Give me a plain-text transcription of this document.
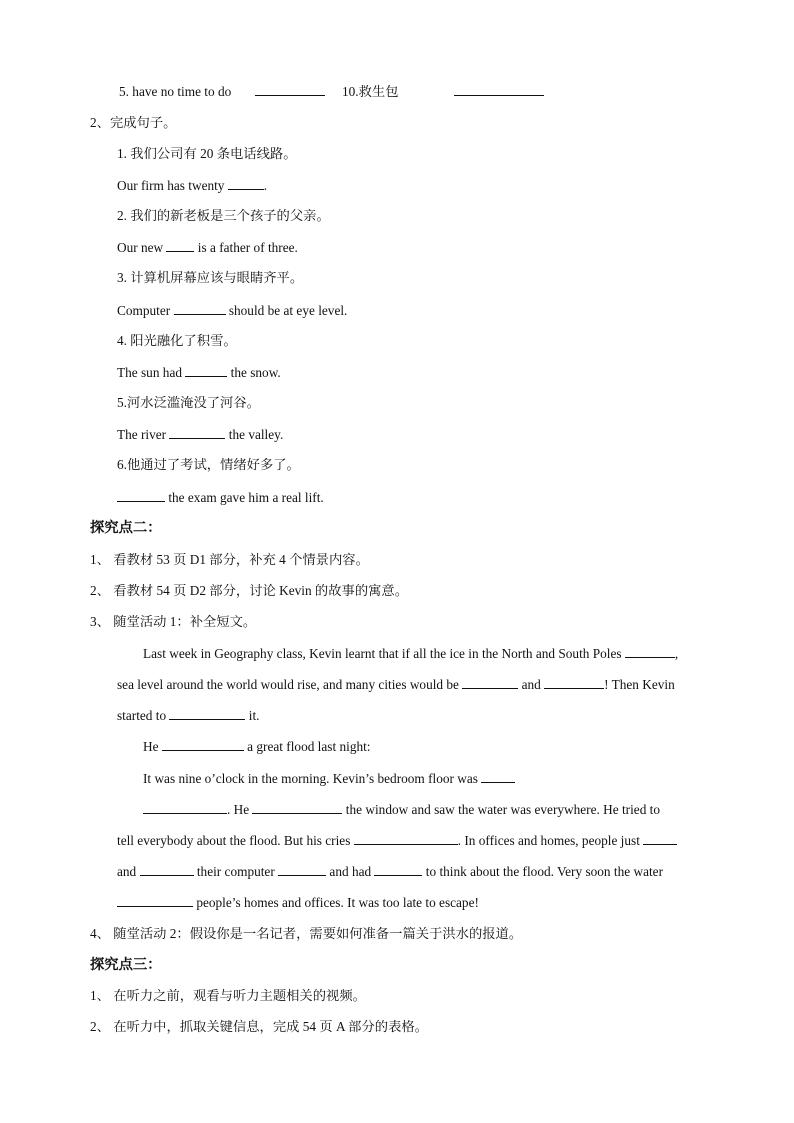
5. have no time to do	10.救生包
2、完成句子。
1. 我们公司有 20 条电话线路。
Our firm has twenty	.
2. 我们的新老板是三个孩子的父亲。
Our new  is a father of three.
3. 计算机屏幕应该与眼睛齐平。
Computer	should be at eye level.
4. 阳光融化了积雪。
The sun had	the snow.
5.河水泛滥淹没了河谷。
The river	the valley.
6.他通过了考试，情绪好多了。
the exam gave him a real lift.
探究点二：
1、 看教材 53 页 D1 部分，补充 4 个情景内容。
2、 看教材 54 页 D2 部分，讨论 Kevin 的故事的寓意。
3、 随堂活动 1：补全短文。
Last week in Geography class, Kevin learnt that if all the ice in the North and South Poles	,
sea level around the world would rise, and many cities would be	and	! Then Kevin
started to	it.
He	a great flood last night:
It was nine o’clock in the morning. Kevin’s bedroom floor was
. He	the window and saw the water was everywhere. He tried to
tell everybody about the flood. But his cries	. In offices and homes, people just
and	their computer	and had	to think about the flood. Very soon the water
people’s homes and offices. It was too late to escape!
4、 随堂活动 2：假设你是一名记者，需要如何准备一篇关于洪水的报道。
探究点三：
1、 在听力之前，观看与听力主题相关的视频。
2、 在听力中，抓取关键信息，完成 54 页 A 部分的表格。
